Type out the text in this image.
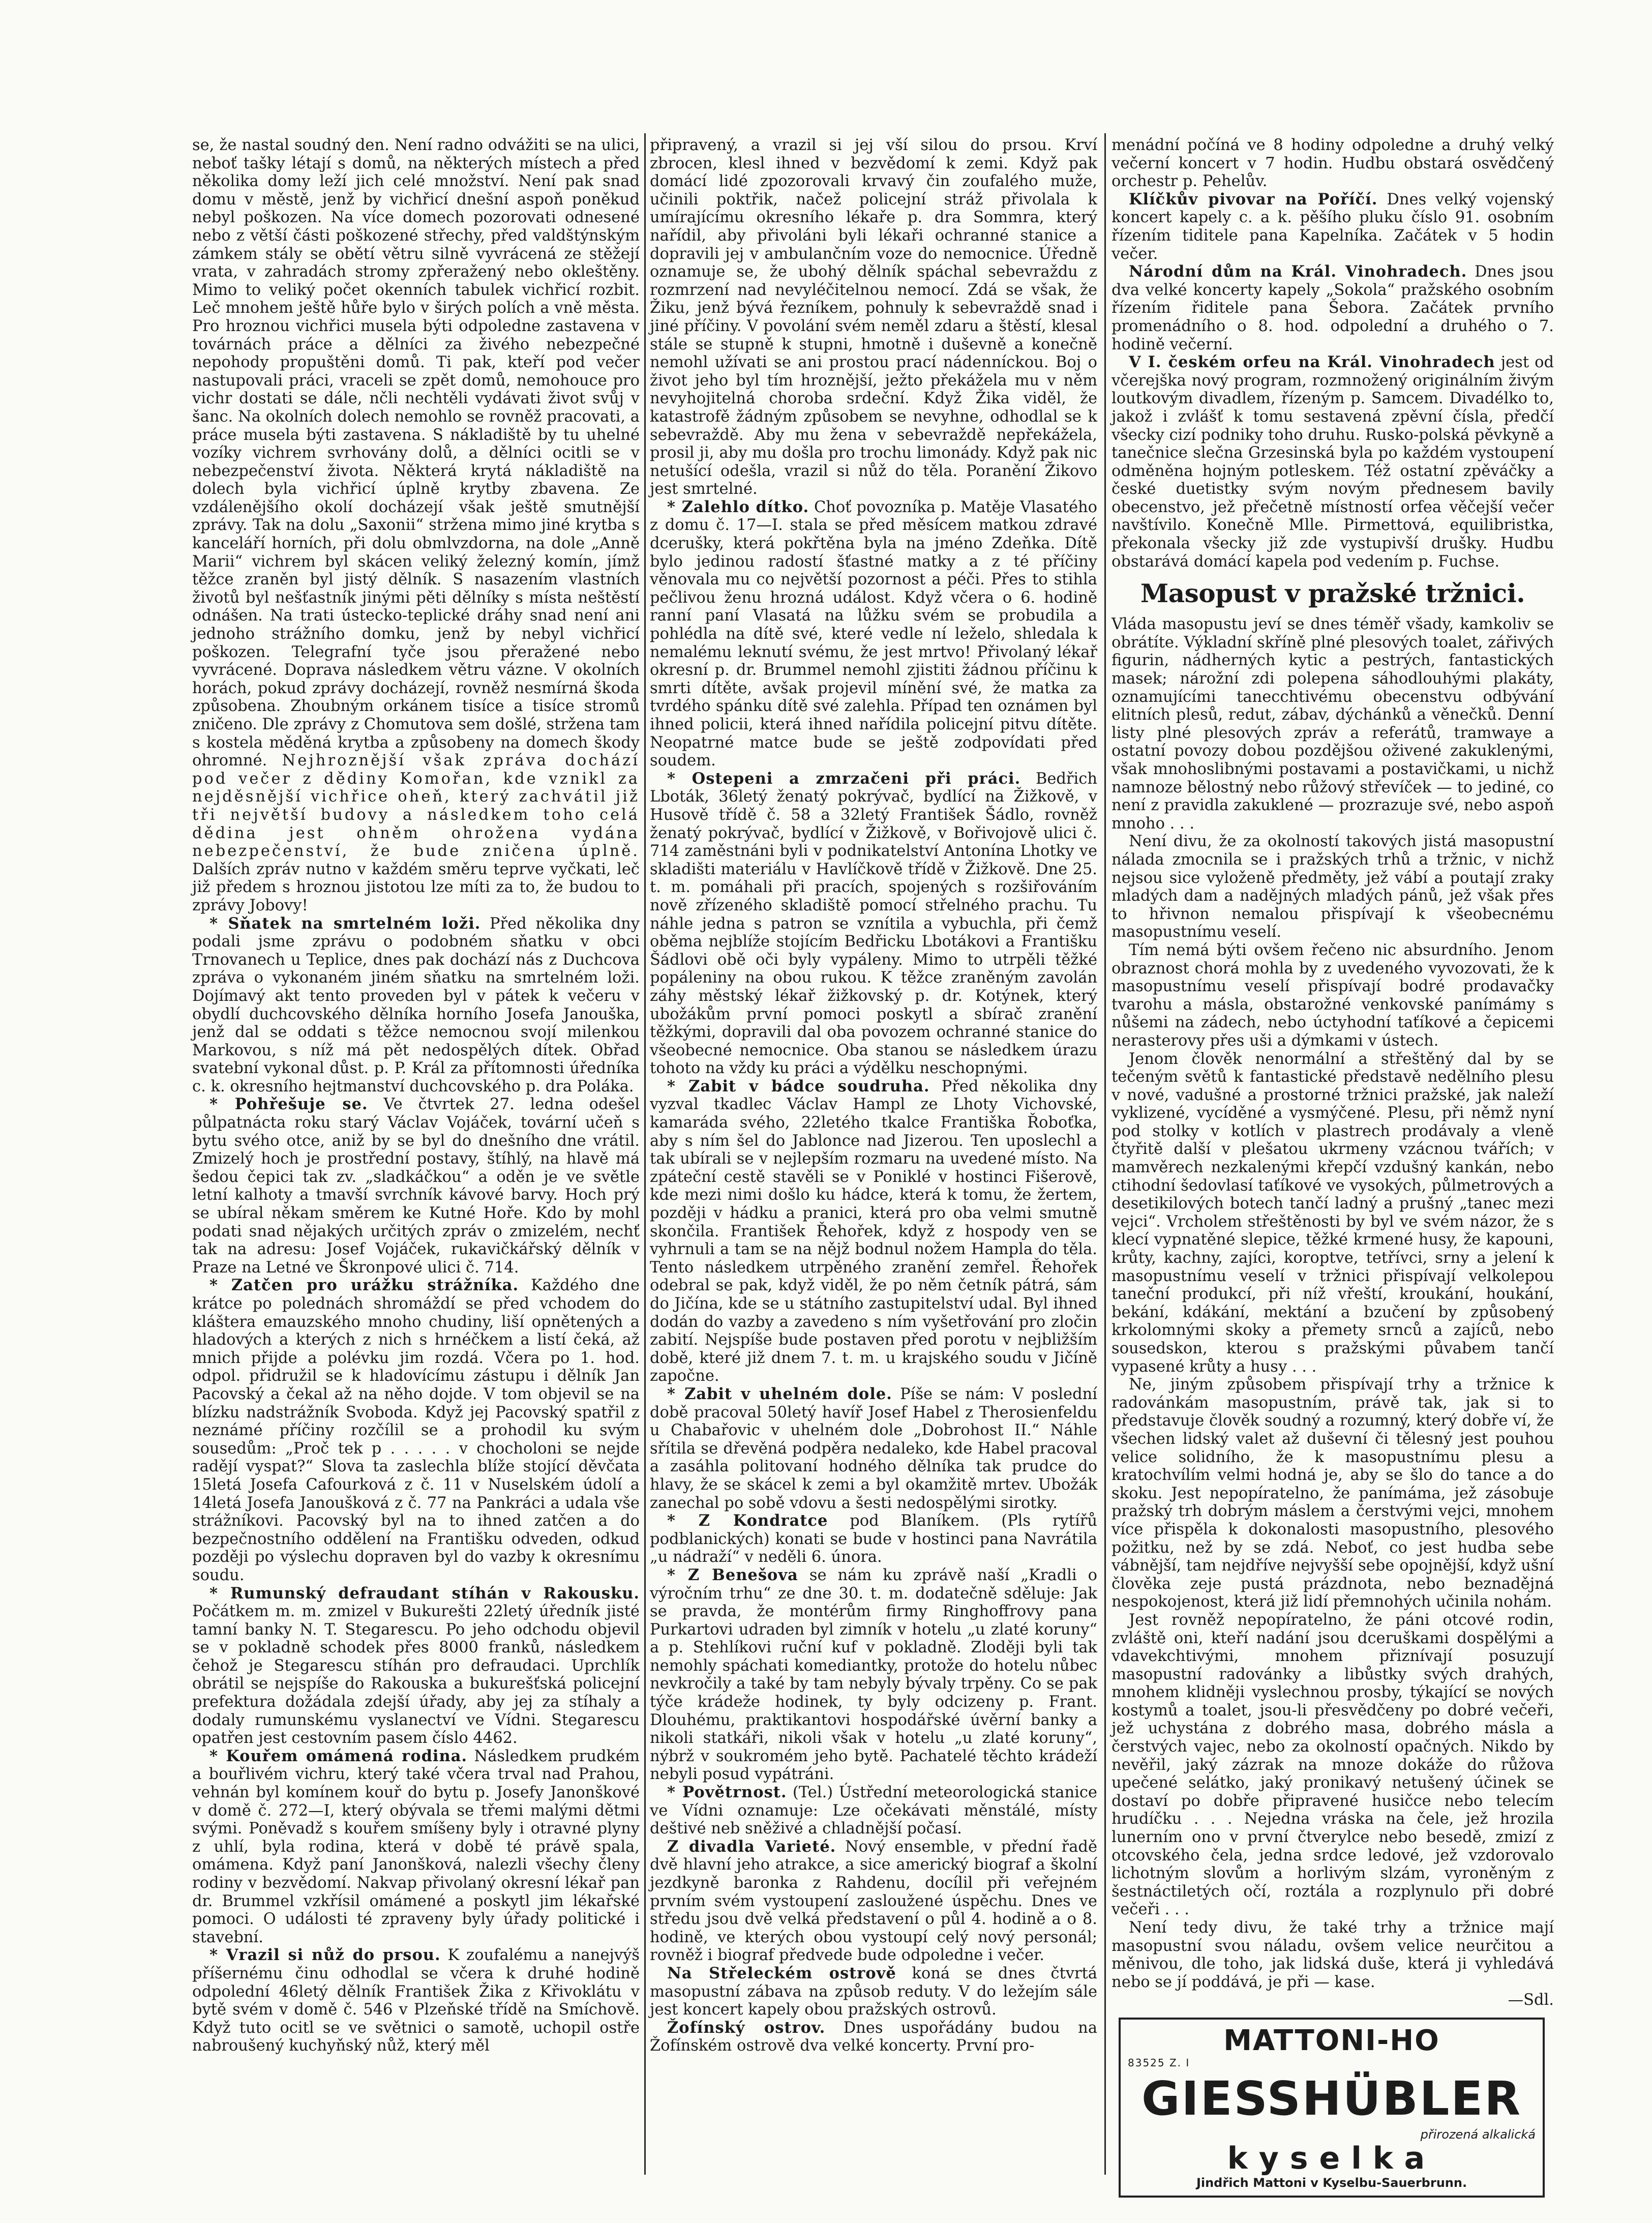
se, že nastal soudný den. Není radno odvážiti se na ulici, neboť tašky létají s domů, na některých místech a před několika domy leží jich celé množství. Není pak snad domu v městě, jenž by vichřicí dnešní aspoň poněkud nebyl poškozen. Na více domech pozorovati odnesené nebo z větší části poškozené střechy, před valdštýnským zámkem stály se obětí větru silně vyvrácená ze stěžejí vrata, v zahradách stromy zpřeražený nebo okleštěny. Mimo to veliký počet okenních tabulek vichřicí rozbit. Leč mnohem ještě hůře bylo v širých polích a vně města. Pro hroznou vichřici musela býti odpoledne zastavena v továrnách práce a dělníci za živého nebezpečné nepohody propuštěni domů. Ti pak, kteří pod večer nastupovali práci, vraceli se zpět domů, nemohouce pro vichr dostati se dále, nčli nechtěli vydávati život svůj v šanc. Na okolních dolech nemohlo se rovněž pracovati, a práce musela býti zastavena. S nákladiště by tu uhelné vozíky vichrem svrhovány dolů, a dělníci ocitli se v nebezpečenství života. Některá krytá nákladiště na dolech byla vichřicí úplně krytby zbavena. Ze vzdálenějšího okolí docházejí však ještě smutnější zprávy. Tak na dolu „Saxonii“ stržena mimo jiné krytba s kanceláří horních, při dolu obmlvzdorna, na dole „Anně Marii“ vichrem byl skácen veliký železný komín, jímž těžce zraněn byl jistý dělník. S nasazením vlastních životů byl nešťastník jinými pěti dělníky s místa neštěstí odnášen. Na trati ústecko-teplické dráhy snad není ani jednoho strážního domku, jenž by nebyl vichřicí poškozen. Telegrafní tyče jsou přeražené nebo vyvrácené. Doprava následkem větru vázne. V okolních horách, pokud zprávy docházejí, rovněž nesmírná škoda způsobena. Zhoubným orkánem tisíce a tisíce stromů zničeno. Dle zprávy z Chomutova sem došlé, stržena tam s kostela měděná krytba a způsobeny na domech škody ohromné. Nejhroznější však zpráva dochází pod večer z dědiny Komořan, kde vznikl za nejděsnější vichřice oheň, který zachvátil již tři největší budovy a následkem toho celá dědina jest ohněm ohrožena vydána nebezpečenství, že bude zničena úplně. Dalších zpráv nutno v každém směru teprve vyčkati, leč již předem s hroznou jistotou lze míti za to, že budou to zprávy Jobovy!

* Sňatek na smrtelném loži. Před několika dny podali jsme zprávu o podobném sňatku v obci Trnovanech u Teplice, dnes pak dochází nás z Duchcova zpráva o vykonaném jiném sňatku na smrtelném loži. Dojímavý akt tento proveden byl v pátek k večeru v obydlí duchcovského dělníka horního Josefa Janouška, jenž dal se oddati s těžce nemocnou svojí milenkou Markovou, s níž má pět nedospělých dítek. Obřad svatební vykonal důst. p. P. Král za přítomnosti úředníka c. k. okresního hejtmanství duchcovského p. dra Poláka.

* Pohřešuje se. Ve čtvrtek 27. ledna odešel půlpatnácta roku starý Václav Vojáček, tovární učeň s bytu svého otce, aniž by se byl do dnešního dne vrátil. Zmizelý hoch je prostřední postavy, štíhlý, na hlavě má šedou čepici tak zv. „sladkáčkou“ a oděn je ve světle letní kalhoty a tmavší svrchník kávové barvy. Hoch prý se ubíral někam směrem ke Kutné Hoře. Kdo by mohl podati snad nějakých určitých zpráv o zmizelém, nechť tak na adresu: Josef Vojáček, rukavičkářský dělník v Praze na Letné ve Škronpové ulici č. 714.

* Zatčen pro urážku strážníka. Každého dne krátce po polednách shromáždí se před vchodem do kláštera emauzského mnoho chudiny, liší opnětených a hladových a kterých z nich s hrnéčkem a listí čeká, až mnich přijde a polévku jim rozdá. Včera po 1. hod. odpol. přidružil se k hladovícímu zástupu i dělník Jan Pacovský a čekal až na něho dojde. V tom objevil se na blízku nadstrážník Svoboda. Když jej Pacovský spatřil z neznámé příčiny rozčílil se a prohodil ku svým sousedům: „Proč tek p . . . . . v chocholoni se nejde radějí vyspat?“ Slova ta zaslechla blíže stojící děvčata 15letá Josefa Cafourková z č. 11 v Nuselském údolí a 14letá Josefa Janoušková z č. 77 na Pankráci a udala vše strážníkovi. Pacovský byl na to ihned zatčen a do bezpečnostního oddělení na Františku odveden, odkud později po výslechu dopraven byl do vazby k okresnímu soudu.

* Rumunský defraudant stíhán v Rakousku. Počátkem m. m. zmizel v Bukurešti 22letý úředník jisté tamní banky N. T. Stegarescu. Po jeho odchodu objevil se v pokladně schodek přes 8000 franků, následkem čehož je Stegarescu stíhán pro defraudaci. Uprchlík obrátil se nejspíše do Rakouska a bukurešťská policejní prefektura dožádala zdejší úřady, aby jej za stíhaly a dodaly rumunskému vyslanectví ve Vídni. Stegarescu opatřen jest cestovním pasem číslo 4462.

* Kouřem omámená rodina. Následkem prudkém a bouřlivém vichru, který také včera trval nad Prahou, vehnán byl komínem kouř do bytu p. Josefy Janonškové v domě č. 272—I, který obývala se třemi malými dětmi svými. Poněvadž s kouřem smíšeny byly i otravné plyny z uhlí, byla rodina, která v době té právě spala, omámena. Když paní Janonšková, nalezli všechy členy rodiny v bezvědomí. Nakvap přivolaný okresní lékař pan dr. Brummel vzkřísil omámené a poskytl jim lékařské pomoci. O události té zpraveny byly úřady politické i stavební.

* Vrazil si nůž do prsou. K zoufalému a nanejvýš příšernému činu odhodlal se včera k druhé hodině odpolední 46letý dělník František Žika z Křivoklátu v bytě svém v domě č. 546 v Plzeňské třídě na Smíchově. Když tuto ocitl se ve světnici o samotě, uchopil ostře nabroušený kuchyňský nůž, který měl

připravený, a vrazil si jej vší silou do prsou. Krví zbrocen, klesl ihned v bezvědomí k zemi. Když pak domácí lidé zpozorovali krvavý čin zoufalého muže, učinili poktřik, načež policejní stráž přivolala k umírajícímu okresního lékaře p. dra Sommra, který nařídil, aby přivoláni byli lékaři ochranné stanice a dopravili jej v ambulančním voze do nemocnice. Úředně oznamuje se, že ubohý dělník spáchal sebevraždu z rozmrzení nad nevyléčitelnou nemocí. Zdá se však, že Žiku, jenž bývá řezníkem, pohnuly k sebevraždě snad i jiné příčiny. V povolání svém neměl zdaru a štěstí, klesal stále se stupně k stupni, hmotně i duševně a konečně nemohl užívati se ani prostou prací nádenníckou. Boj o život jeho byl tím hroznější, ježto překážela mu v něm nevyhojitelná choroba srdeční. Když Žika viděl, že katastrofě žádným způsobem se nevyhne, odhodlal se k sebevraždě. Aby mu žena v sebevraždě nepřekážela, prosil ji, aby mu došla pro trochu limonády. Když pak nic netušící odešla, vrazil si nůž do těla. Poranění Žikovo jest smrtelné.

* Zalehlo dítko. Choť povozníka p. Matěje Vlasatého z domu č. 17—I. stala se před měsícem matkou zdravé dcerušky, která pokřtěna byla na jméno Zdeňka. Dítě bylo jedinou radostí šťastné matky a z té příčiny věnovala mu co největší pozornost a péči. Přes to stihla pečlivou ženu hrozná událost. Když včera o 6. hodině ranní paní Vlasatá na lůžku svém se probudila a pohlédla na dítě své, které vedle ní leželo, shledala k nemalému leknutí svému, že jest mrtvo! Přivolaný lékař okresní p. dr. Brummel nemohl zjistiti žádnou příčinu k smrti dítěte, avšak projevil mínění své, že matka za tvrdého spánku dítě své zalehla. Případ ten oznámen byl ihned policii, která ihned nařídila policejní pitvu dítěte. Neopatrné matce bude se ještě zodpovídati před soudem.

* Ostepeni a zmrzačeni při práci. Bedřich Lboták, 36letý ženatý pokrývač, bydlící na Žižkově, v Husově třídě č. 58 a 32letý František Šádlo, rovněž ženatý pokrývač, bydlící v Žižkově, v Bořivojově ulici č. 714 zaměstnáni byli v podnikatelství Antonína Lhotky ve skladišti materiálu v Havlíčkově třídě v Žižkově. Dne 25. t. m. pomáhali při pracích, spojených s rozšiřováním nově zřízeného skladiště pomocí střelného prachu. Tu náhle jedna s patron se vznítila a vybuchla, při čemž oběma nejblíže stojícím Bedřicku Lbotákovi a Františku Šádlovi obě oči byly vypáleny. Mimo to utrpěli těžké popáleniny na obou rukou. K těžce zraněným zavolán záhy městský lékař žižkovský p. dr. Kotýnek, který ubožákům první pomoci poskytl a sbírač zranění těžkými, dopravili dal oba povozem ochranné stanice do všeobecné nemocnice. Oba stanou se následkem úrazu tohoto na vždy ku práci a výdělku neschopnými.

* Zabit v bádce soudruha. Před několika dny vyzval tkadlec Václav Hampl ze Lhoty Vichovské, kamaráda svého, 22letého tkalce Františka Řoboťka, aby s ním šel do Jablonce nad Jizerou. Ten uposlechl a tak ubírali se v nejlepším rozmaru na uvedené místo. Na zpáteční cestě stavěli se v Poniklé v hostinci Fišerově, kde mezi nimi došlo ku hádce, která k tomu, že žertem, později v hádku a pranici, která pro oba velmi smutně skončila. František Řehořek, když z hospody ven se vyhrnuli a tam se na nějž bodnul nožem Hampla do těla. Tento následkem utrpěného zranění zemřel. Řehořek odebral se pak, když viděl, že po něm četník pátrá, sám do Jičína, kde se u státního zastupitelství udal. Byl ihned dodán do vazby a zavedeno s ním vyšetřování pro zločin zabití. Nejspíše bude postaven před porotu v nejbližším době, které již dnem 7. t. m. u krajského soudu v Jičíně započne.

* Zabit v uhelném dole. Píše se nám: V poslední době pracoval 50letý havíř Josef Habel z Therosienfeldu u Chabařovic v uhelném dole „Dobrohost II.“ Náhle sřítila se dřevěná podpěra nedaleko, kde Habel pracoval a zasáhla politovaní hodného dělníka tak prudce do hlavy, že se skácel k zemi a byl okamžitě mrtev. Ubožák zanechal po sobě vdovu a šesti nedospělými sirotky.

* Z Kondratce pod Blaníkem. (Pls rytířů podblanických) konati se bude v hostinci pana Navrátila „u nádraží“ v neděli 6. února.

* Z Benešova se nám ku zprávě naší „Kradli o výročním trhu“ ze dne 30. t. m. dodatečně sděluje: Jak se pravda, že montérům firmy Ringhoffrovy pana Purkartovi udraden byl zimník v hotelu „u zlaté koruny“ a p. Stehlíkovi ruční kuf v pokladně. Zloději byli tak nemohly spáchati komediantky, protože do hotelu nůbec nevkročily a také by tam nebyly bývaly trpěny. Co se pak týče krádeže hodinek, ty byly odcizeny p. Frant. Dlouhému, praktikantovi hospodářské úvěrní banky a nikoli statkáři, nikoli však v hotelu „u zlaté koruny“, nýbrž v soukromém jeho bytě. Pachatelé těchto krádeží nebyli posud vypátráni.

* Povětrnost. (Tel.) Ústřední meteorologická stanice ve Vídni oznamuje: Lze očekávati měnstálé, místy deštivé neb sněživé a chladnější počasí.

Z divadla Varieté. Nový ensemble, v přední řadě dvě hlavní jeho atrakce, a sice americký biograf a školní jezdkyně baronka z Rahdenu, docílil při veřejném prvním svém vystoupení zasloužené úspěchu. Dnes ve středu jsou dvě velká představení o půl 4. hodině a o 8. hodině, ve kterých obou vystoupí celý nový personál; rovněž i biograf předvede bude odpoledne i večer.

Na Střeleckém ostrově koná se dnes čtvrtá masopustní zábava na způsob reduty. V do ležejím sále jest koncert kapely obou pražských ostrovů.

Žofínský ostrov. Dnes uspořádány budou na Žofínském ostrově dva velké koncerty. První pro-

menádní počíná ve 8 hodiny odpoledne a druhý velký večerní koncert v 7 hodin. Hudbu obstará osvědčený orchestr p. Pehelův.

Klíčkův pivovar na Poříčí. Dnes velký vojenský koncert kapely c. a k. pěšího pluku číslo 91. osobním řízením tiditele pana Kapelníka. Začátek v 5 hodin večer.

Národní dům na Král. Vinohradech. Dnes jsou dva velké koncerty kapely „Sokola“ pražského osobním řízením řiditele pana Šebora. Začátek prvního promenádního o 8. hod. odpolední a druhého o 7. hodině večerní.

V I. českém orfeu na Král. Vinohradech jest od včerejška nový program, rozmnožený originálním živým loutkovým divadlem, řízeným p. Samcem. Divadélko to, jakož i zvlášť k tomu sestavená zpěvní čísla, předčí všecky cizí podniky toho druhu. Rusko-polská pěvkyně a tanečnice slečna Grzesinská byla po každém vystoupení odměněna hojným potleskem. Též ostatní zpěváčky a české duetistky svým novým přednesem bavily obecenstvo, jež přečetně místností orfea věčejší večer navštívilo. Konečně Mlle. Pirmettová, equilibristka, překonala všecky již zde vystupivší drušky. Hudbu obstarává domácí kapela pod vedením p. Fuchse.

Masopust v pražské tržnici.

Vláda masopustu jeví se dnes téměř všady, kamkoliv se obrátíte. Výkladní skříně plné plesových toalet, zářivých figurin, nádherných kytic a pestrých, fantastických masek; nárožní zdi polepena sáhodlouhými plakáty, oznamujícími tanecchtivému obecenstvu odbývání elitních plesů, redut, zábav, dýchánků a věnečků. Denní listy plné plesových zpráv a referátů, tramwaye a ostatní povozy dobou pozdějšou oživené zakuklenými, však mnohoslibnými postavami a postavičkami, u nichž namnoze bělostný nebo růžový střevíček — to jediné, co není z pravidla zakuklené — prozrazuje své, nebo aspoň mnoho . . .

Není divu, že za okolností takových jistá masopustní nálada zmocnila se i pražských trhů a tržnic, v nichž nejsou sice vyloženě předměty, jež vábí a poutají zraky mladých dam a nadějných mladých pánů, jež však přes to hřivnon nemalou přispívají k všeobecnému masopustnímu veselí.

Tím nemá býti ovšem řečeno nic absurdního. Jenom obraznost chorá mohla by z uvedeného vyvozovati, že k masopustnímu veselí přispívají bodré prodavačky tvarohu a másla, obstarožné venkovské panímámy s nůšemi na zádech, nebo úctyhodní taťíkové a čepicemi nerasterovy přes uši a dýmkami v ústech.

Jenom člověk nenormální a střeštěný dal by se tečeným světů k fantastické představě nedělního plesu v nové, vadušné a prostorné tržnici pražské, jak naleží vyklizené, vycíděné a vysmýčené. Plesu, při němž nyní pod stolky v kotlích v plastrech prodávaly a vleně čtyřitě další v plešatou ukrmeny vzácnou tvářích; v mamvěrech nezkalenými křepčí vzdušný kankán, nebo ctihodní šedovlasí taťíkové ve vysokých, půlmetrových a desetikilových botech tančí ladný a prušný „tanec mezi vejci“. Vrcholem střeštěnosti by byl ve svém názor, že s klecí vypnatěné slepice, těžké krmené husy, že kapouni, krůty, kachny, zajíci, koroptve, tetřívci, srny a jelení k masopustnímu veselí v tržnici přispívají velkolepou taneční produkcí, při níž vřeští, kroukání, houkání, bekání, kdákání, mektání a bzučení by způsobený krkolomnými skoky a přemety srnců a zajíců, nebo sousedskon, kterou s pražskými půvabem tančí vypasené krůty a husy . . .

Ne, jiným způsobem přispívají trhy a tržnice k radovánkám masopustním, právě tak, jak si to představuje člověk soudný a rozumný, který dobře ví, že všechen lidský valet až duševní či tělesný jest pouhou velice solidního, že k masopustnímu plesu a kratochvílím velmi hodná je, aby se šlo do tance a do skoku. Jest nepopíratelno, že panímáma, jež zásobuje pražský trh dobrým máslem a čerstvými vejci, mnohem více přispěla k dokonalosti masopustního, plesového požitku, než by se zdá. Neboť, co jest hudba sebe vábnější, tam nejdříve nejvyšší sebe opojnější, když ušní člověka zeje pustá prázdnota, nebo beznadějná nespokojenost, která již lidí přemnohých učinila nohám.

Jest rovněž nepopíratelno, že páni otcové rodin, zvláště oni, kteří nadání jsou dceruškami dospělými a vdavekchtivými, mnohem přiznívají posuzují masopustní radovánky a libůstky svých drahých, mnohem klidněji vyslechnou prosby, týkající se nových kostymů a toalet, jsou-li přesvědčeny po dobré večeři, jež uchystána z dobrého masa, dobrého másla a čerstvých vajec, nebo za okolností opačných. Nikdo by nevěřil, jaký zázrak na mnoze dokáže do růžova upečené selátko, jaký pronikavý netušený účinek se dostaví po dobře připravené husičce nebo telecím hrudíčku . . . Nejedna vráska na čele, jež hrozila lunerním ono v první čtverylce nebo besedě, zmizí z otcovského čela, jedna srdce ledové, jež vzdorovalo lichotným slovům a horlivým slzám, vyroněným z šestnáctiletých očí, roztála a rozplynulo při dobré večeři . . .

Není tedy divu, že také trhy a tržnice mají masopustní svou náladu, ovšem velice neurčitou a měnivou, dle toho, jak lidská duše, která ji vyhledává nebo se jí poddává, je při — kase.

—Sdl.
MATTONI-HO
83525 Z. I
GIESSHÜBLER
přirozená alkalická
kyselka
Jindřich Mattoni v Kyselbu-Sauerbrunn.
